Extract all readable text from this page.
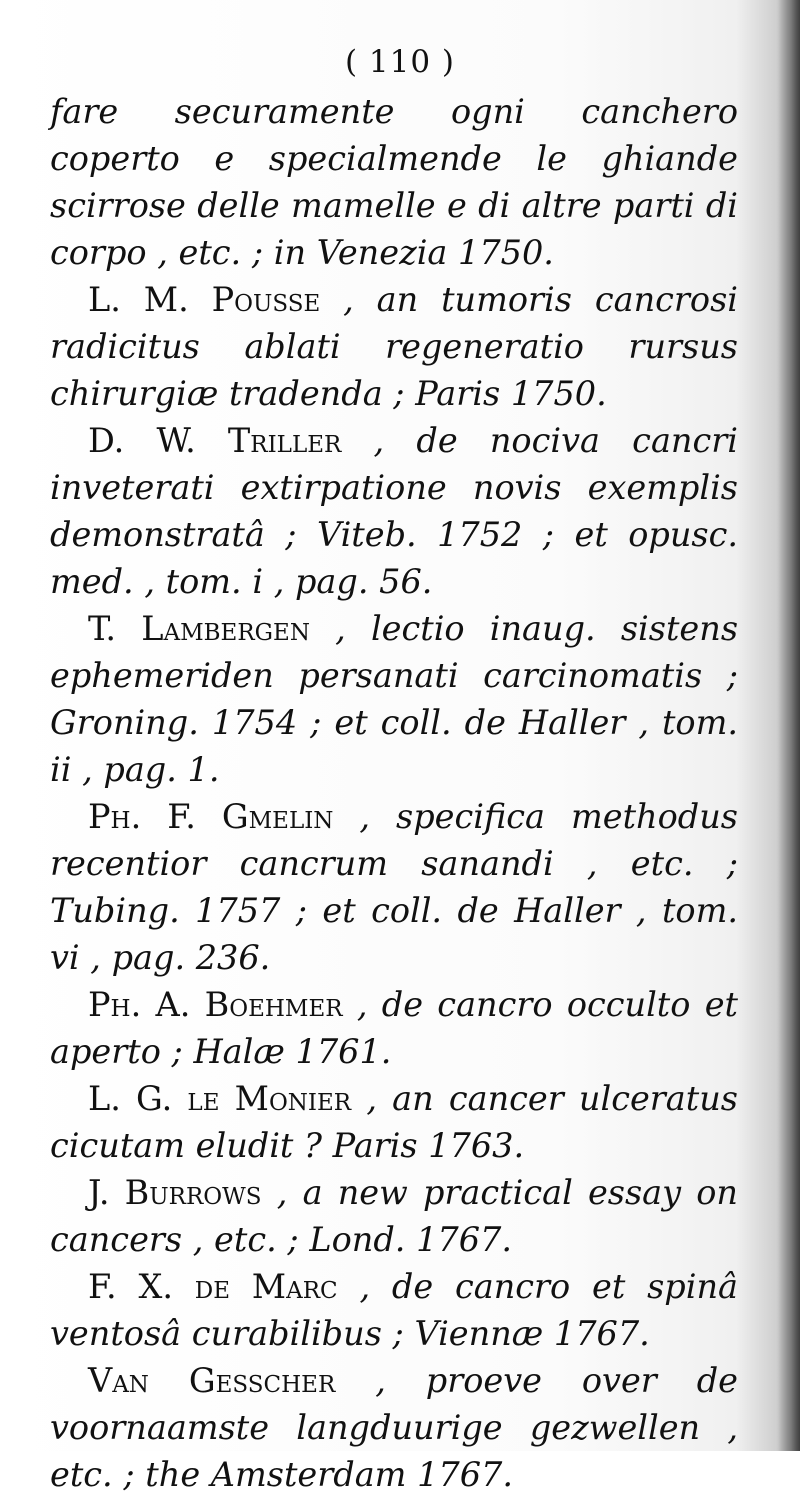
( 110 )

fare securamente ogni canchero coperto e specialmende le ghiande scirrose delle mamelle e di altre parti di corpo , etc. ; in Venezia 1750.

L. M. Pousse , an tumoris cancrosi radicitus ablati regeneratio rursus chirurgiæ tradenda ; Paris 1750.

D. W. Triller , de nociva cancri inveterati extirpatione novis exemplis demonstratâ ; Viteb. 1752 ; et opusc. med. , tom. i , pag. 56.

T. Lambergen , lectio inaug. sistens ephemeriden persanati carcinomatis ; Groning. 1754 ; et coll. de Haller , tom. ii , pag. 1.

Ph. F. Gmelin , specifica methodus recentior cancrum sanandi , etc. ; Tubing. 1757 ; et coll. de Haller , tom. vi , pag. 236.

Ph. A. Boehmer , de cancro occulto et aperto ; Halæ 1761.

L. G. le Monier , an cancer ulceratus cicutam eludit ? Paris 1763.

J. Burrows , a new practical essay on cancers , etc. ; Lond. 1767.

F. X. de Marc , de cancro et spinâ ventosâ curabilibus ; Viennæ 1767.

Van Gesscher , proeve over de voornaamste langduurige gezwellen , etc. ; the Amsterdam 1767.
